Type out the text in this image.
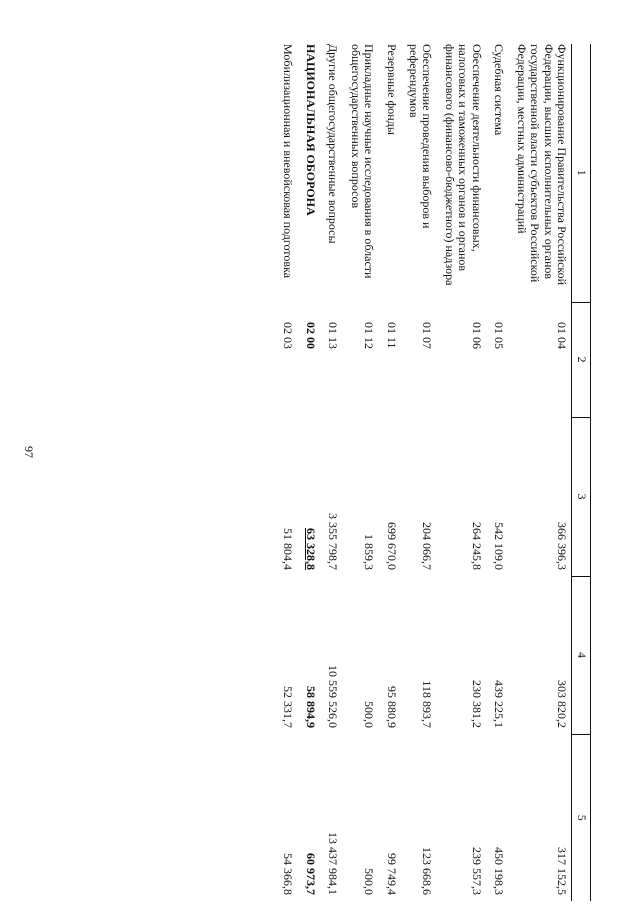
97
1	2	3	4	5
Функционирование Правительства Российской Федерации, высших исполнительных органов государственной власти субъектов Российской Федерации, местных администраций	01 04	366 396,3	303 820,2	317 152,5
Судебная система	01 05	542 109,0	439 225,1	450 198,3
Обеспечение деятельности финансовых, налоговых и таможенных органов и органов финансового (финансово-бюджетного) надзора	01 06	264 245,8	230 381,2	239 557,3
Обеспечение проведения выборов и референдумов	01 07	204 066,7	118 893,7	123 668,6
Резервные фонды	01 11	699 670,0	95 880,9	99 749,4
Прикладные научные исследования в области общегосударственных вопросов	01 12	1 859,3	500,0	500,0
Другие общегосударственные вопросы	01 13	3 355 798,7	10 559 526,0	13 437 984,1
НАЦИОНАЛЬНАЯ ОБОРОНА	02 00	63 328,8	58 894,9	60 973,7
Мобилизационная и вневойсковая подготовка	02 03	51 804,4	52 331,7	54 366,8
